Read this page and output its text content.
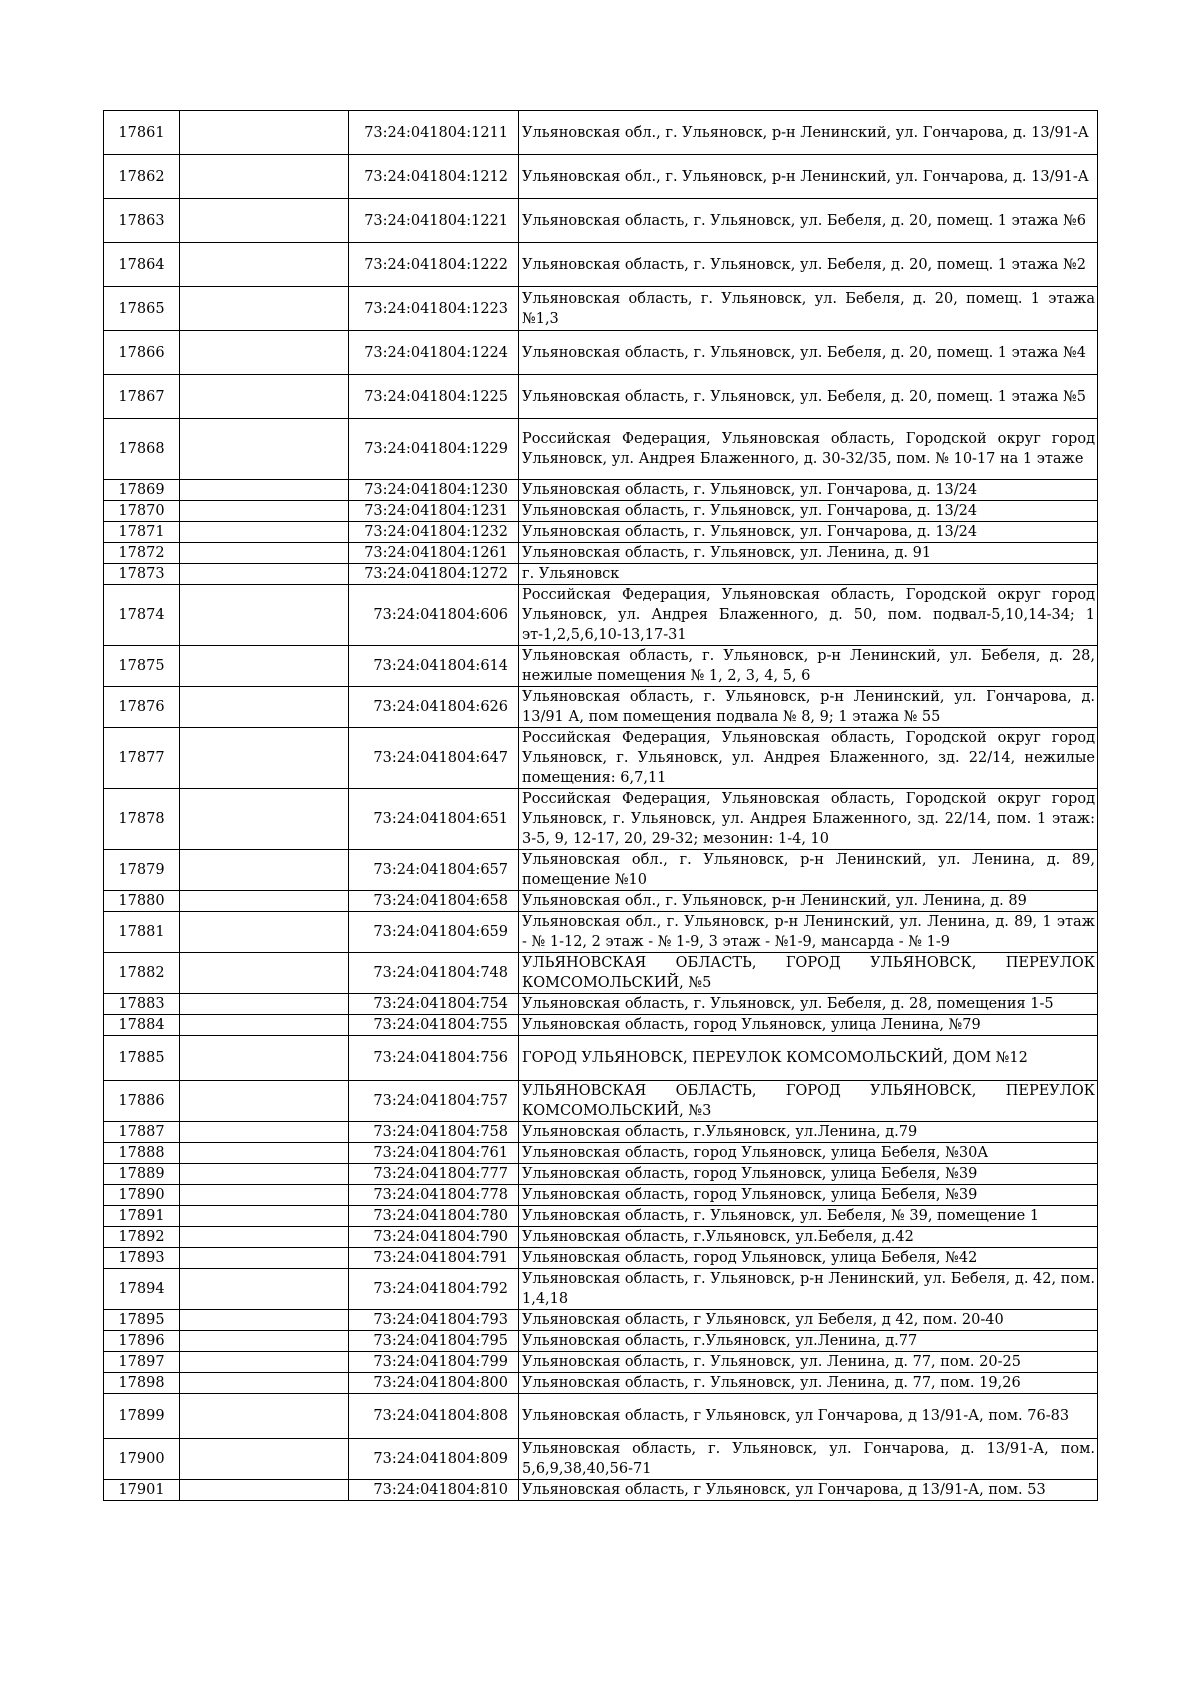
17861		73:24:041804:1211	Ульяновская обл., г. Ульяновск, р-н Ленинский, ул. Гончарова, д. 13/91-А
17862		73:24:041804:1212	Ульяновская обл., г. Ульяновск, р-н Ленинский, ул. Гончарова, д. 13/91-А
17863		73:24:041804:1221	Ульяновская область, г. Ульяновск, ул. Бебеля, д. 20, помещ. 1 этажа №6
17864		73:24:041804:1222	Ульяновская область, г. Ульяновск, ул. Бебеля, д. 20, помещ. 1 этажа №2
17865		73:24:041804:1223	Ульяновская область, г. Ульяновск, ул. Бебеля, д. 20, помещ. 1 этажа №1,3
17866		73:24:041804:1224	Ульяновская область, г. Ульяновск, ул. Бебеля, д. 20, помещ. 1 этажа №4
17867		73:24:041804:1225	Ульяновская область, г. Ульяновск, ул. Бебеля, д. 20, помещ. 1 этажа №5
17868		73:24:041804:1229	Российская Федерация, Ульяновская область, Городской округ город Ульяновск, ул. Андрея Блаженного, д. 30-32/35, пом. № 10-17 на 1 этаже
17869		73:24:041804:1230	Ульяновская область, г. Ульяновск, ул. Гончарова, д. 13/24
17870		73:24:041804:1231	Ульяновская область, г. Ульяновск, ул. Гончарова, д. 13/24
17871		73:24:041804:1232	Ульяновская область, г. Ульяновск, ул. Гончарова, д. 13/24
17872		73:24:041804:1261	Ульяновская область, г. Ульяновск, ул. Ленина, д. 91
17873		73:24:041804:1272	г. Ульяновск
17874		73:24:041804:606	Российская Федерация, Ульяновская область, Городской округ город Ульяновск, ул. Андрея Блаженного, д. 50, пом. подвал-5,10,14-34; 1 эт-1,2,5,6,10-13,17-31
17875		73:24:041804:614	Ульяновская область, г. Ульяновск, р-н Ленинский, ул. Бебеля, д. 28, нежилые помещения № 1, 2, 3, 4, 5, 6
17876		73:24:041804:626	Ульяновская область, г. Ульяновск, р-н Ленинский, ул. Гончарова, д. 13/91 А, пом помещения подвала № 8, 9; 1 этажа № 55
17877		73:24:041804:647	Российская Федерация, Ульяновская область, Городской округ город Ульяновск, г. Ульяновск, ул. Андрея Блаженного, зд. 22/14, нежилые помещения: 6,7,11
17878		73:24:041804:651	Российская Федерация, Ульяновская область, Городской округ город Ульяновск, г. Ульяновск, ул. Андрея Блаженного, зд. 22/14, пом. 1 этаж: 3-5, 9, 12-17, 20, 29-32; мезонин: 1-4, 10
17879		73:24:041804:657	Ульяновская обл., г. Ульяновск, р-н Ленинский, ул. Ленина, д. 89, помещение №10
17880		73:24:041804:658	Ульяновская обл., г. Ульяновск, р-н Ленинский, ул. Ленина, д. 89
17881		73:24:041804:659	Ульяновская обл., г. Ульяновск, р-н Ленинский, ул. Ленина, д. 89, 1 этаж - № 1-12, 2 этаж - № 1-9, 3 этаж - №1-9, мансарда - № 1-9
17882		73:24:041804:748	УЛЬЯНОВСКАЯ ОБЛАСТЬ, ГОРОД УЛЬЯНОВСК, ПЕРЕУЛОК КОМСОМОЛЬСКИЙ, №5
17883		73:24:041804:754	Ульяновская область, г. Ульяновск, ул. Бебеля, д. 28, помещения 1-5
17884		73:24:041804:755	Ульяновская область, город Ульяновск, улица Ленина, №79
17885		73:24:041804:756	ГОРОД УЛЬЯНОВСК, ПЕРЕУЛОК КОМСОМОЛЬСКИЙ, ДОМ №12
17886		73:24:041804:757	УЛЬЯНОВСКАЯ ОБЛАСТЬ, ГОРОД УЛЬЯНОВСК, ПЕРЕУЛОК КОМСОМОЛЬСКИЙ, №3
17887		73:24:041804:758	Ульяновская область, г.Ульяновск, ул.Ленина, д.79
17888		73:24:041804:761	Ульяновская область, город Ульяновск, улица Бебеля, №30А
17889		73:24:041804:777	Ульяновская область, город Ульяновск, улица Бебеля, №39
17890		73:24:041804:778	Ульяновская область, город Ульяновск, улица Бебеля, №39
17891		73:24:041804:780	Ульяновская область, г. Ульяновск, ул. Бебеля, № 39, помещение 1
17892		73:24:041804:790	Ульяновская область, г.Ульяновск, ул.Бебеля, д.42
17893		73:24:041804:791	Ульяновская область, город Ульяновск, улица Бебеля, №42
17894		73:24:041804:792	Ульяновская область, г. Ульяновск, р-н Ленинский, ул. Бебеля, д. 42, пом. 1,4,18
17895		73:24:041804:793	Ульяновская область, г Ульяновск, ул Бебеля, д 42, пом. 20-40
17896		73:24:041804:795	Ульяновская область, г.Ульяновск, ул.Ленина, д.77
17897		73:24:041804:799	Ульяновская область, г. Ульяновск, ул. Ленина, д. 77, пом. 20-25
17898		73:24:041804:800	Ульяновская область, г. Ульяновск, ул. Ленина, д. 77, пом. 19,26
17899		73:24:041804:808	Ульяновская область, г Ульяновск, ул Гончарова, д 13/91-А, пом. 76-83
17900		73:24:041804:809	Ульяновская область, г. Ульяновск, ул. Гончарова, д. 13/91-А, пом. 5,6,9,38,40,56-71
17901		73:24:041804:810	Ульяновская область, г Ульяновск, ул Гончарова, д 13/91-А, пом. 53
